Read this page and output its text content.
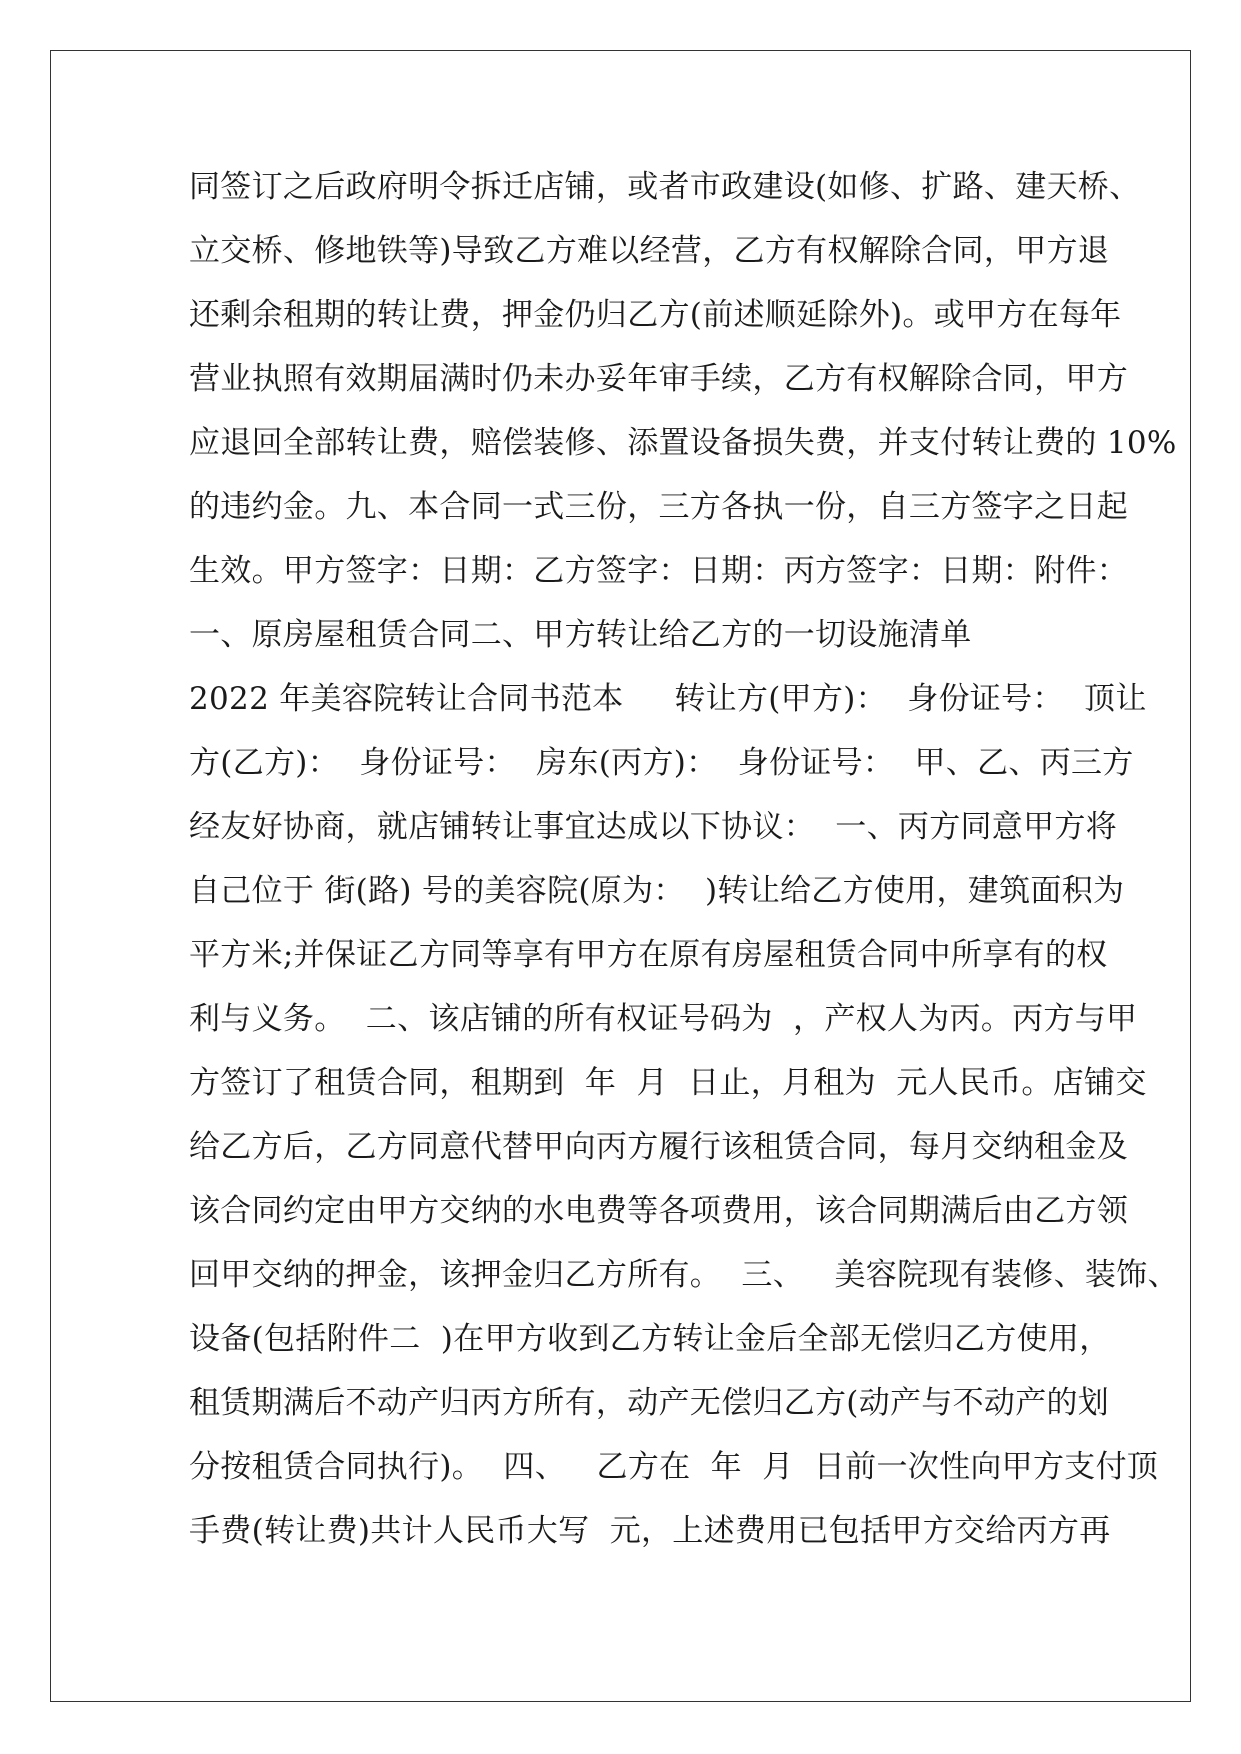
同签订之后政府明令拆迁店铺，或者市政建设(如修、扩路、建天桥、
立交桥、修地铁等)导致乙方难以经营，乙方有权解除合同，甲方退
还剩余租期的转让费，押金仍归乙方(前述顺延除外)。或甲方在每年
营业执照有效期届满时仍未办妥年审手续，乙方有权解除合同，甲方
应退回全部转让费，赔偿装修、添置设备损失费，并支付转让费的 10%
的违约金。九、本合同一式三份，三方各执一份，自三方签字之日起
生效。甲方签字：日期：乙方签字：日期：丙方签字：日期：附件：
一、原房屋租赁合同二、甲方转让给乙方的一切设施清单
2022 年美容院转让合同书范本     转让方(甲方)：  身份证号：  顶让
方(乙方)：  身份证号：  房东(丙方)：  身份证号：  甲、乙、丙三方
经友好协商，就店铺转让事宜达成以下协议：  一、丙方同意甲方将
自己位于 街(路) 号的美容院(原为：  )转让给乙方使用，建筑面积为
平方米;并保证乙方同等享有甲方在原有房屋租赁合同中所享有的权
利与义务。  二、该店铺的所有权证号码为  ，产权人为丙。丙方与甲
方签订了租赁合同，租期到  年  月  日止，月租为  元人民币。店铺交
给乙方后，乙方同意代替甲向丙方履行该租赁合同，每月交纳租金及
该合同约定由甲方交纳的水电费等各项费用，该合同期满后由乙方领
回甲交纳的押金，该押金归乙方所有。  三、   美容院现有装修、装饰、
设备(包括附件二  )在甲方收到乙方转让金后全部无偿归乙方使用，
租赁期满后不动产归丙方所有，动产无偿归乙方(动产与不动产的划
分按租赁合同执行)。  四、   乙方在  年  月  日前一次性向甲方支付顶
手费(转让费)共计人民币大写  元，上述费用已包括甲方交给丙方再
